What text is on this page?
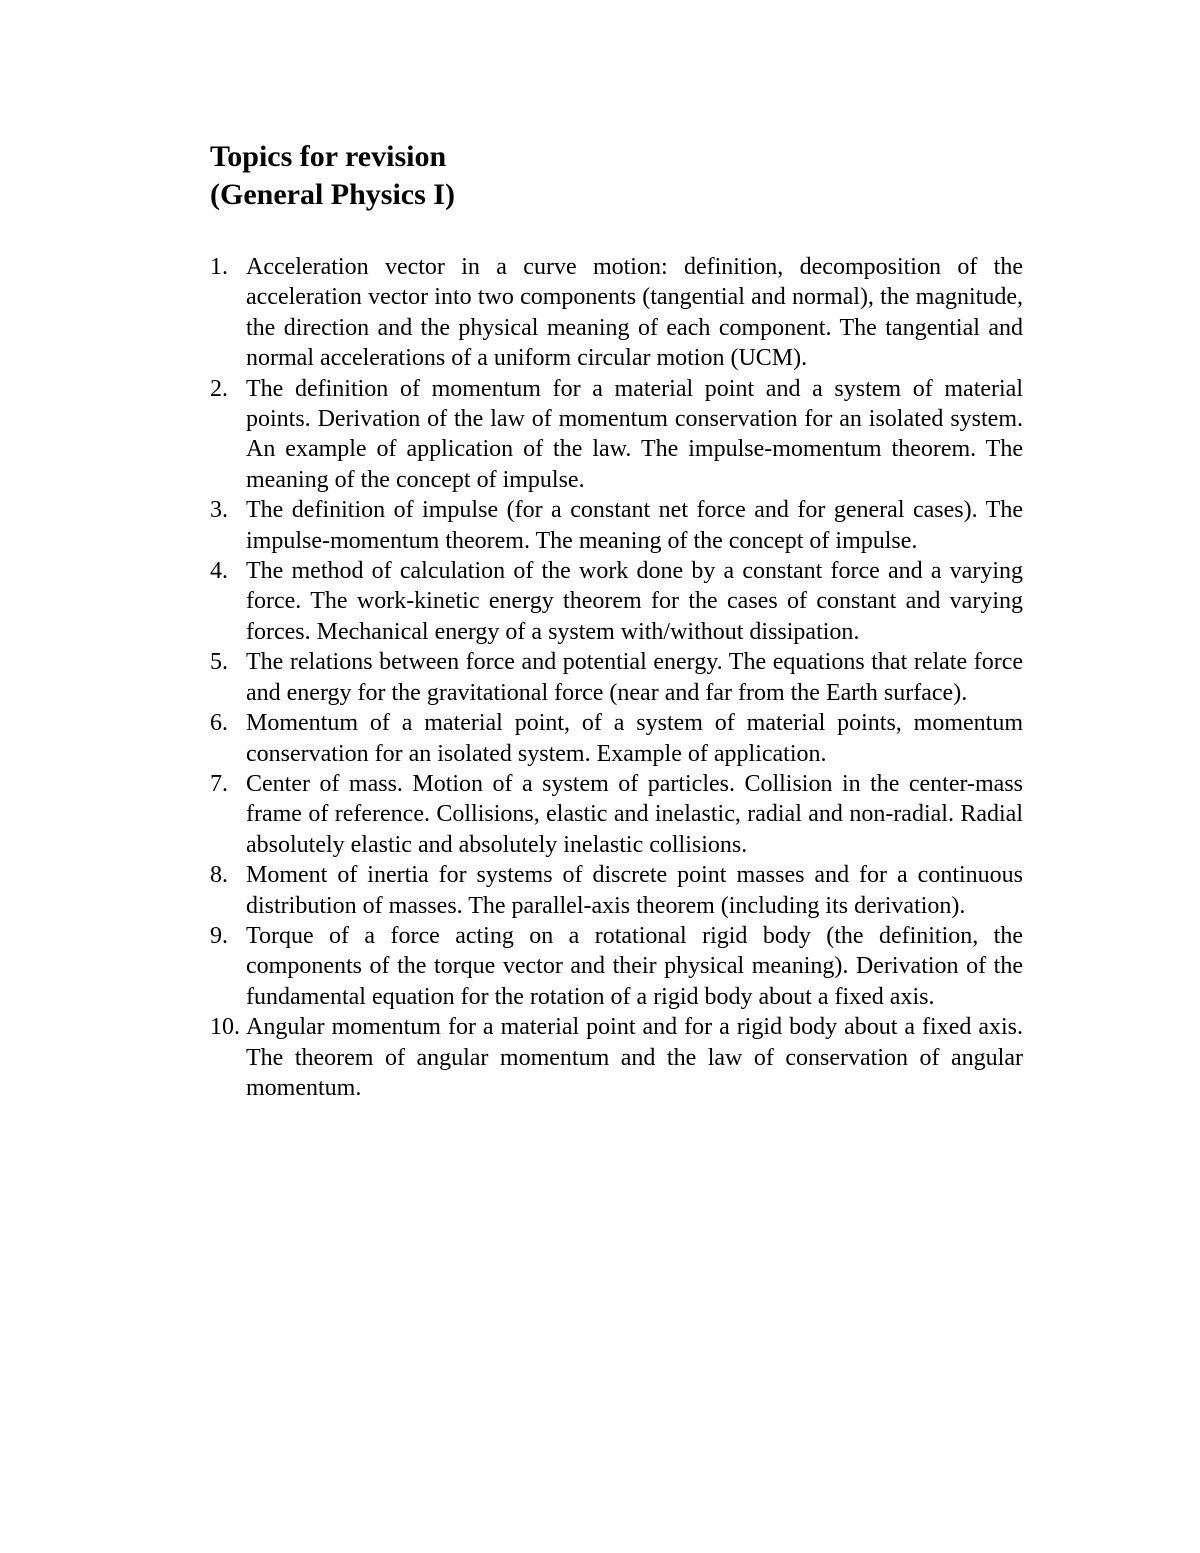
Topics for revision

(General Physics I)

1. Acceleration vector in a curve motion: definition, decomposition of the acceleration vector into two components (tangential and normal), the magnitude, the direction and the physical meaning of each component. The tangential and normal accelerations of a uniform circular motion (UCM).
2. The definition of momentum for a material point and a system of material points. Derivation of the law of momentum conservation for an isolated system. An example of application of the law. The impulse-momentum theorem. The meaning of the concept of impulse.
3. The definition of impulse (for a constant net force and for general cases). The impulse-momentum theorem. The meaning of the concept of impulse.
4. The method of calculation of the work done by a constant force and a varying force. The work-kinetic energy theorem for the cases of constant and varying forces. Mechanical energy of a system with/without dissipation.
5. The relations between force and potential energy. The equations that relate force and energy for the gravitational force (near and far from the Earth surface).
6. Momentum of a material point, of a system of material points, momentum conservation for an isolated system. Example of application.
7. Center of mass. Motion of a system of particles. Collision in the center-mass frame of reference. Collisions, elastic and inelastic, radial and non-radial. Radial absolutely elastic and absolutely inelastic collisions.
8. Moment of inertia for systems of discrete point masses and for a continuous distribution of masses. The parallel-axis theorem (including its derivation).
9. Torque of a force acting on a rotational rigid body (the definition, the components of the torque vector and their physical meaning). Derivation of the fundamental equation for the rotation of a rigid body about a fixed axis.
10. Angular momentum for a material point and for a rigid body about a fixed axis. The theorem of angular momentum and the law of conservation of angular momentum.
